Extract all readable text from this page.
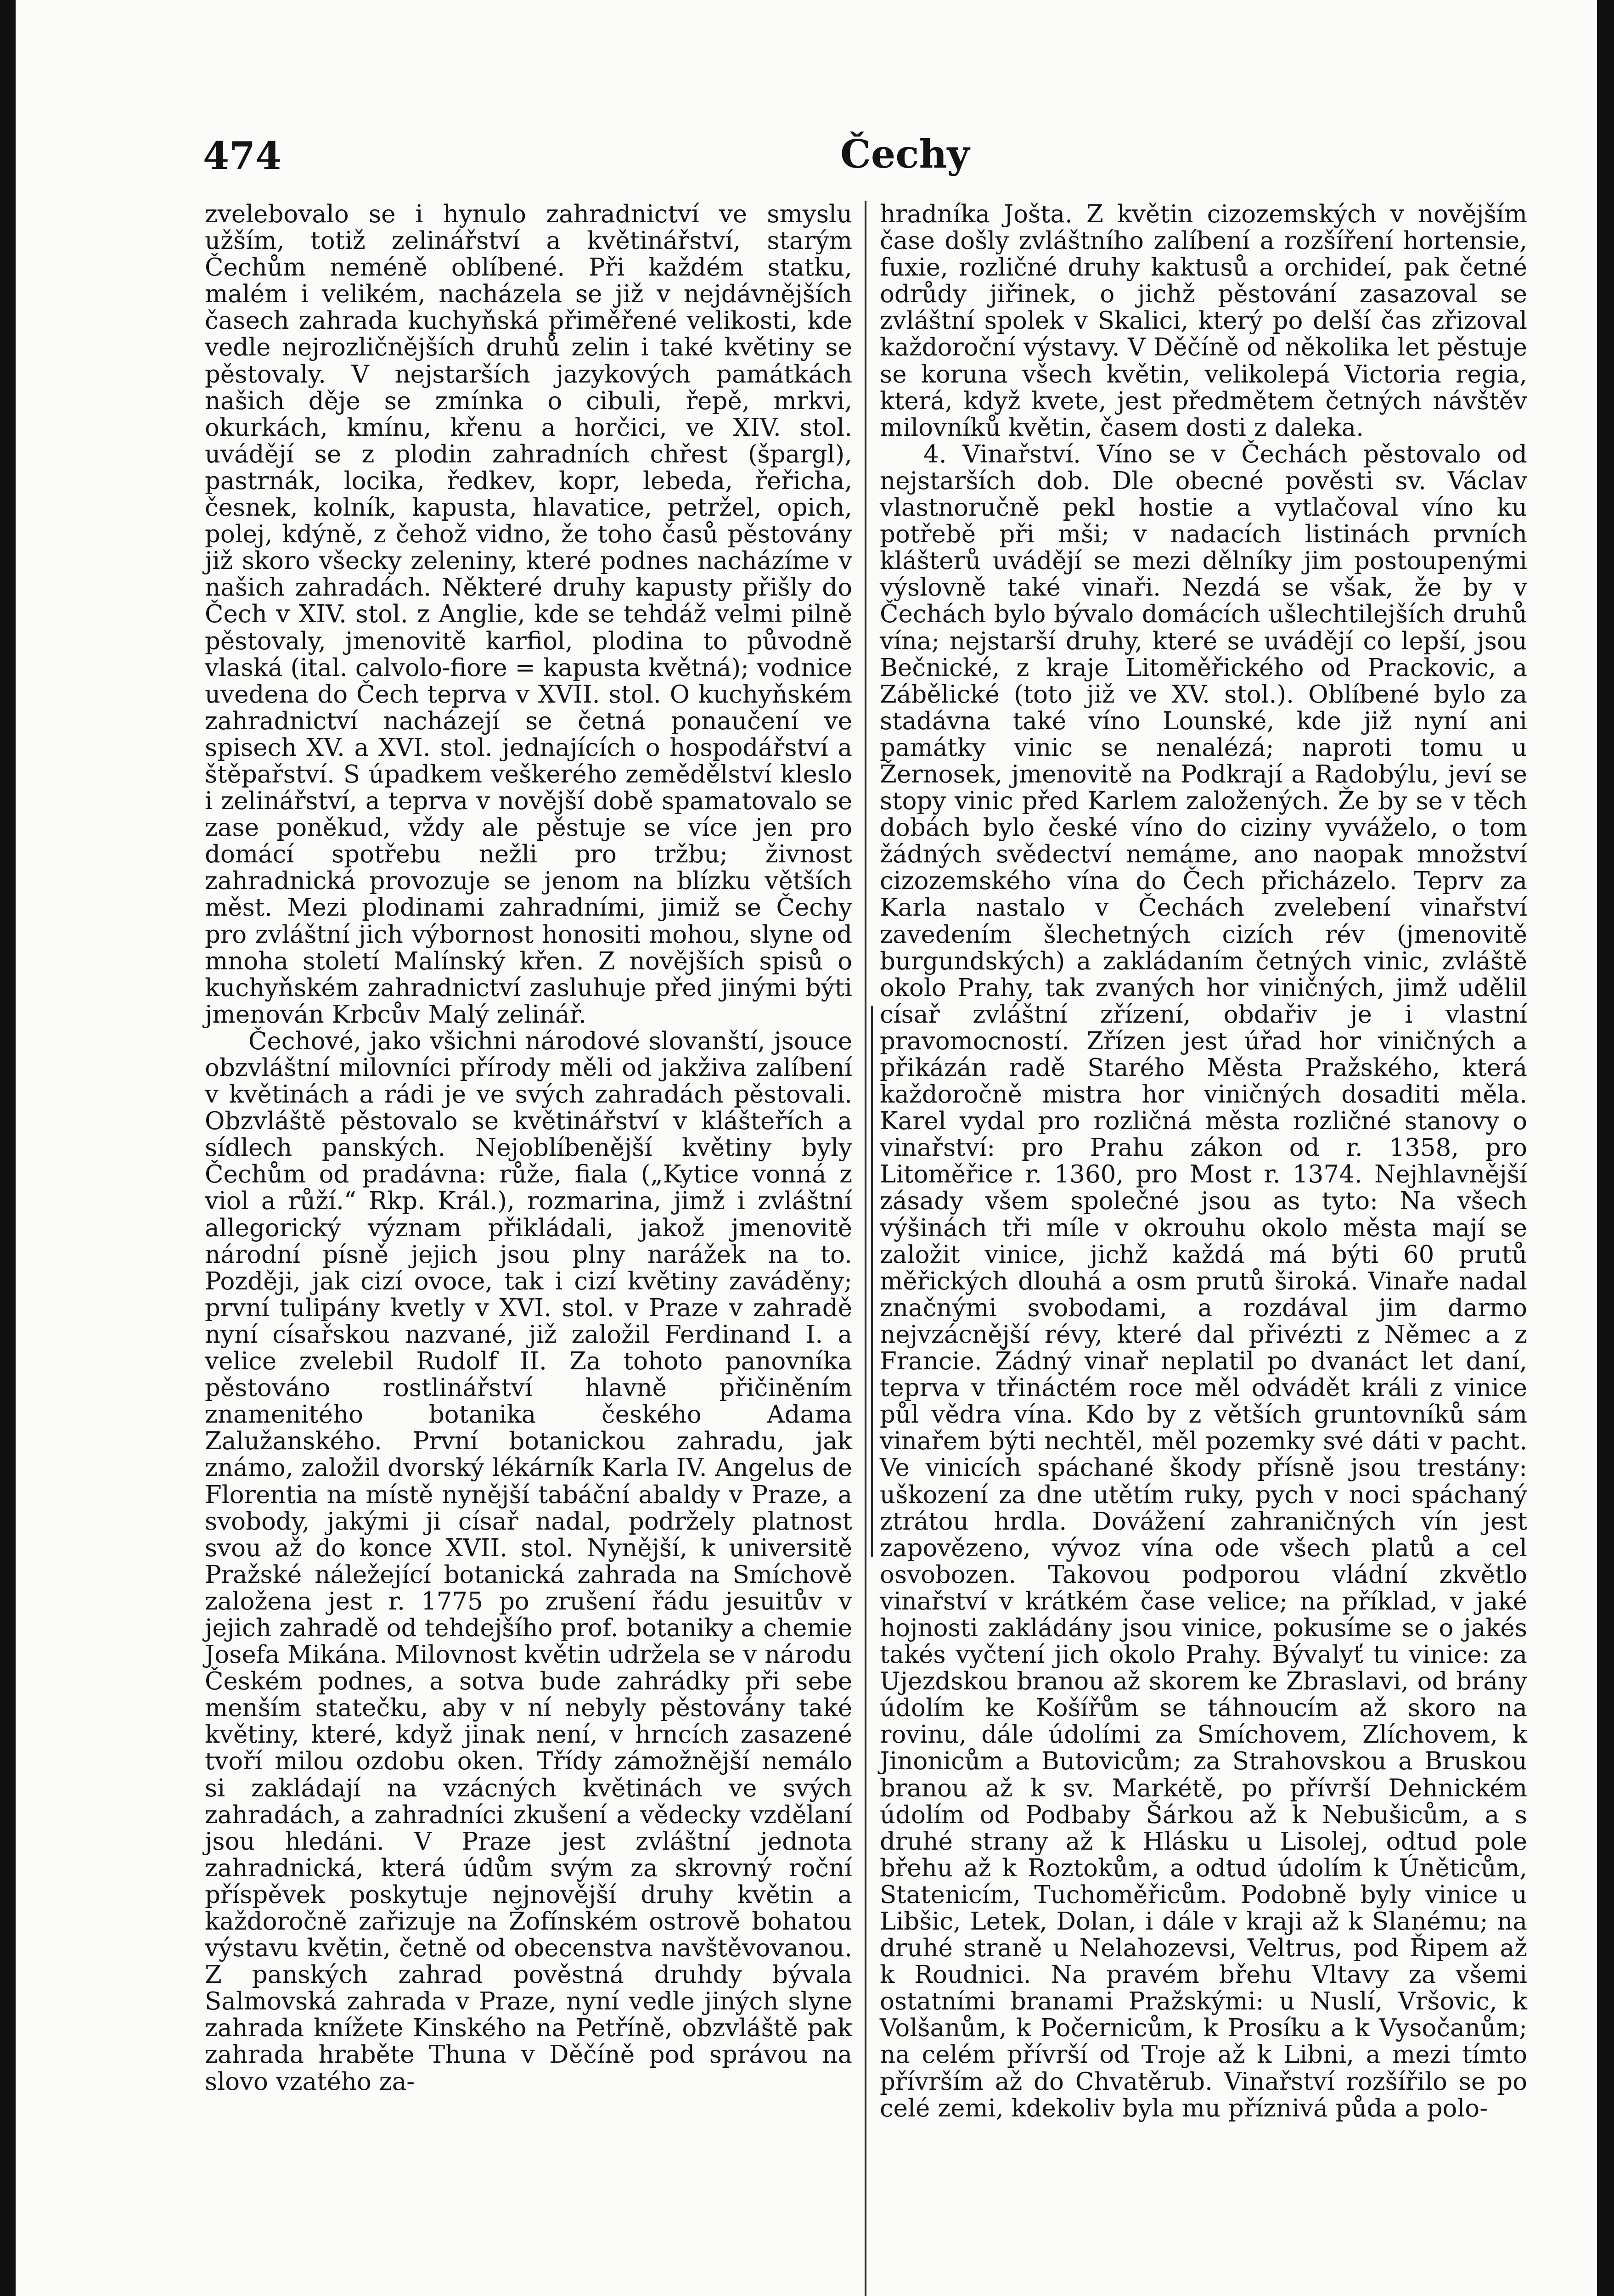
474	Čechy

zvelebovalo se i hynulo zahradnictví ve smyslu užším, totiž zelinářství a květinářství, starým Čechům neméně oblíbené. Při každém statku, malém i velikém, nacházela se již v nejdávnějších časech zahrada kuchyňská přiměřené velikosti, kde vedle nejrozličnějších druhů zelin i také květiny se pěstovaly. V nejstarších jazykových památkách našich děje se zmínka o cibuli, řepě, mrkvi, okurkách, kmínu, křenu a horčici, ve XIV. stol. uvádějí se z plodin zahradních chřest (špargl), pastrnák, locika, ředkev, kopr, lebeda, řeřicha, česnek, kolník, kapusta, hlavatice, petržel, opich, polej, kdýně, z čehož vidno, že toho časů pěstovány již skoro všecky zeleniny, které podnes nacházíme v našich zahradách. Některé druhy kapusty přišly do Čech v XIV. stol. z Anglie, kde se tehdáž velmi pilně pěstovaly, jmenovitě karfiol, plodina to původně vlaská (ital. calvolo-fiore = kapusta květná); vodnice uvedena do Čech teprva v XVII. stol. O kuchyňském zahradnictví nacházejí se četná ponaučení ve spisech XV. a XVI. stol. jednajících o hospodářství a štěpařství. S úpadkem veškerého zemědělství kleslo i zelinářství, a teprva v novější době spamatovalo se zase poněkud, vždy ale pěstuje se více jen pro domácí spotřebu nežli pro tržbu; živnost zahradnická provozuje se jenom na blízku větších měst. Mezi plodinami zahradními, jimiž se Čechy pro zvláštní jich výbornost honositi mohou, slyne od mnoha století Malínský křen. Z novějších spisů o kuchyňském zahradnictví zasluhuje před jinými býti jmenován Krbcův Malý zelinář.

Čechové, jako všichni národové slovanští, jsouce obzvláštní milovníci přírody měli od jakživa zalíbení v květinách a rádi je ve svých zahradách pěstovali. Obzvláště pěstovalo se květinářství v klášteřích a sídlech panských. Nejoblíbenější květiny byly Čechům od pradávna: růže, fiala („Kytice vonná z viol a růží.“ Rkp. Král.), rozmarina, jimž i zvláštní allegorický význam přikládali, jakož jmenovitě národní písně jejich jsou plny narážek na to. Později, jak cizí ovoce, tak i cizí květiny zaváděny; první tulipány kvetly v XVI. stol. v Praze v zahradě nyní císařskou nazvané, již založil Ferdinand I. a velice zvelebil Rudolf II. Za tohoto panovníka pěstováno rostlinářství hlavně přičiněním znamenitého botanika českého Adama Zalužanského. První botanickou zahradu, jak známo, založil dvorský lékárník Karla IV. Angelus de Florentia na místě nynější tabáční abaldy v Praze, a svobody, jakými ji císař nadal, podržely platnost svou až do konce XVII. stol. Nynější, k universitě Pražské náležející botanická zahrada na Smíchově založena jest r. 1775 po zrušení řádu jesuitův v jejich zahradě od tehdejšího prof. botaniky a chemie Josefa Mikána. Milovnost květin udržela se v národu Českém podnes, a sotva bude zahrádky při sebe menším statečku, aby v ní nebyly pěstovány také květiny, které, když jinak není, v hrncích zasazené tvoří milou ozdobu oken. Třídy zámožnější nemálo si zakládají na vzácných květinách ve svých zahradách, a zahradníci zkušení a vědecky vzdělaní jsou hledáni. V Praze jest zvláštní jednota zahradnická, která údům svým za skrovný roční příspěvek poskytuje nejnovější druhy květin a každoročně zařizuje na Žofínském ostrově bohatou výstavu květin, četně od obecenstva navštěvovanou. Z panských zahrad pověstná druhdy bývala Salmovská zahrada v Praze, nyní vedle jiných slyne zahrada knížete Kinského na Petříně, obzvláště pak zahrada hraběte Thuna v Děčíně pod správou na slovo vzatého za-

hradníka Jošta. Z květin cizozemských v novějším čase došly zvláštního zalíbení a rozšíření hortensie, fuxie, rozličné druhy kaktusů a orchideí, pak četné odrůdy jiřinek, o jichž pěstování zasazoval se zvláštní spolek v Skalici, který po delší čas zřizoval každoroční výstavy. V Děčíně od několika let pěstuje se koruna všech květin, velikolepá Victoria regia, která, když kvete, jest předmětem četných návštěv milovníků květin, časem dosti z daleka.

4. Vinařství. Víno se v Čechách pěstovalo od nejstarších dob. Dle obecné pověsti sv. Václav vlastnoručně pekl hostie a vytlačoval víno ku potřebě při mši; v nadacích listinách prvních klášterů uvádějí se mezi dělníky jim postoupenými výslovně také vinaři. Nezdá se však, že by v Čechách bylo bývalo domácích ušlechtilejších druhů vína; nejstarší druhy, které se uvádějí co lepší, jsou Bečnické, z kraje Litoměřického od Prackovic, a Zábělické (toto již ve XV. stol.). Oblíbené bylo za stadávna také víno Lounské, kde již nyní ani památky vinic se nenalézá; naproti tomu u Žernosek, jmenovitě na Podkrají a Radobýlu, jeví se stopy vinic před Karlem založených. Že by se v těch dobách bylo české víno do ciziny vyváželo, o tom žádných svědectví nemáme, ano naopak množství cizozemského vína do Čech přicházelo. Teprv za Karla nastalo v Čechách zvelebení vinařství zavedením šlechetných cizích rév (jmenovitě burgundských) a zakládaním četných vinic, zvláště okolo Prahy, tak zvaných hor viničných, jimž udělil císař zvláštní zřízení, obdařiv je i vlastní pravomocností. Zřízen jest úřad hor viničných a přikázán radě Starého Města Pražského, která každoročně mistra hor viničných dosaditi měla. Karel vydal pro rozličná města rozličné stanovy o vinařství: pro Prahu zákon od r. 1358, pro Litoměřice r. 1360, pro Most r. 1374. Nejhlavnější zásady všem společné jsou as tyto: Na všech výšinách tři míle v okrouhu okolo města mají se založit vinice, jichž každá má býti 60 prutů měřických dlouhá a osm prutů široká. Vinaře nadal značnými svobodami, a rozdával jim darmo nejvzácnější révy, které dal přivézti z Němec a z Francie. Žádný vinař neplatil po dvanáct let daní, teprva v třináctém roce měl odvádět králi z vinice půl vědra vína. Kdo by z větších gruntovníků sám vinařem býti nechtěl, měl pozemky své dáti v pacht. Ve vinicích spáchané škody přísně jsou trestány: uškození za dne utětím ruky, pych v noci spáchaný ztrátou hrdla. Dovážení zahraničných vín jest zapovězeno, vývoz vína ode všech platů a cel osvobozen. Takovou podporou vládní zkvětlo vinařství v krátkém čase velice; na příklad, v jaké hojnosti zakládány jsou vinice, pokusíme se o jakés takés vyčtení jich okolo Prahy. Bývalyť tu vinice: za Ujezdskou branou až skorem ke Zbraslavi, od brány údolím ke Košířům se táhnoucím až skoro na rovinu, dále údolími za Smíchovem, Zlíchovem, k Jinonicům a Butovicům; za Strahovskou a Bruskou branou až k sv. Markétě, po přívrší Dehnickém údolím od Podbaby Šárkou až k Nebušicům, a s druhé strany až k Hlásku u Lisolej, odtud pole břehu až k Roztokům, a odtud údolím k Úněticům, Statenicím, Tuchoměřicům. Podobně byly vinice u Libšic, Letek, Dolan, i dále v kraji až k Slanému; na druhé straně u Nelahozevsi, Veltrus, pod Řipem až k Roudnici. Na pravém břehu Vltavy za všemi ostatními branami Pražskými: u Nuslí, Vršovic, k Volšanům, k Počernicům, k Prosíku a k Vysočanům; na celém přívrší od Troje až k Libni, a mezi tímto přívrším až do Chvatěrub. Vinařství rozšířilo se po celé zemi, kdekoliv byla mu příznivá půda a polo-
